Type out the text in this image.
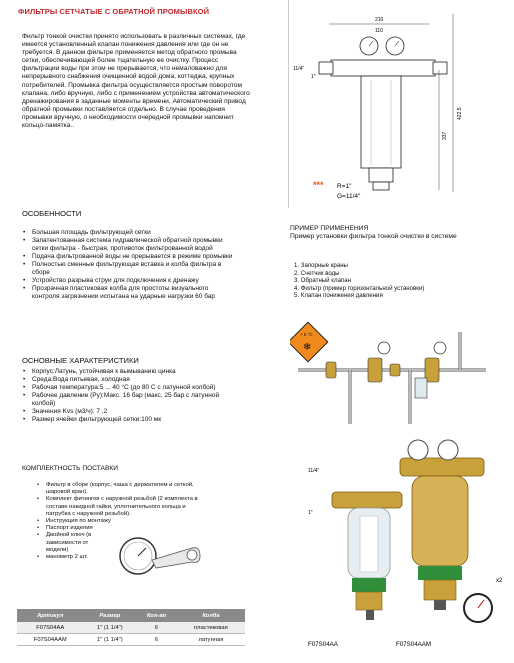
ФИЛЬТРЫ СЕТЧАТЫЕ С ОБРАТНОЙ ПРОМЫВКОЙ
Фильтр тонкой очистки принято использовать в различных системах, где имеется установленный клапан понижения давления или где он не требуется. В данном фильтре применяется метод обратного промыва сетки, обеспечивающей более тщательную ее очистку. Процесс фильтрации воды при этом не прерывается, что немаловажно для непрерывного снабжения очищенной водой дома, коттеджа, крупных потребителей. Промывка фильтра осуществляется простым поворотом клапана, либо вручную, либо с применением устройства автоматического дренажирования в заданные моменты времени. Автоматический привод обратной промывки поставляется отдельно. В случае проведения промывки вручную, о необходимости очередной промывки напомнит кольцо-памятка..
210
110
11/4"
1"
422.5
337
*** R=1"
G=11/4"
ОСОБЕННОСТИ
• Большая площадь фильтрующей сетки
• Запатентованная система гидравлической обратной промывки сетки фильтра - быстрая, противоток фильтрованной водой
• Подача фильтрованной воды не прерывается в режиме промывки
• Полностью сменные фильтрующая вставка и колба фильтра в сборе
• Устройство разрыва струи для подключения к дренажу
• Прозрачная пластиковая колба для простоты визуального контроля загрязнении испытана на ударные нагрузки 60 бар
ОСНОВНЫЕ ХАРАКТЕРИСТИКИ
• Корпус:Латунь, устойчивая к вымыванию цинка
• Среда:Вода питьевая, холодная
• Рабочая температура:5 ... 40 °С (до 80 С с латунной колбой)
• Рабочее давление (Ру):Макс. 16 бар (макс. 25 бар с латунной колбой)
• Значения Kvs (м3/ч): 7 ,2
• Размер ячейки фильтрующей сетки:100 мк
КОМПЛЕКТНОСТЬ ПОСТАВКИ
• Фильтр в сборе (корпус, чаша с держателем и сеткой, шаровой кран).
• Комплект фитингов с наружной резьбой (2 комплекта в составе накидной гайки, уплотнительного кольца и патрубка с наружной резьбой).
• Инструкция по монтажу
• Паспорт изделия
• Двойной ключ (в зависимости от модели)
• манометр 2 шт.
ПРИМЕР ПРИМЕНЕНИЯ
Пример установки фильтра тонкой очистки в системе
1. Запорные краны
2. Счетчик воды
3. Обратный клапан
4. Фильтр (пример горизонтальной установки)
5. Клапан понижения давления
+ 5 °C
❄
11/4"
1"
x2
F07S04AA	F07S04AAM
Артикул	Размер	Кол-во	Колба
F07S04AA	1" (1 1/4")	6	пластиковая
F07S04AAM	1" (1 1/4")	6	латунная
